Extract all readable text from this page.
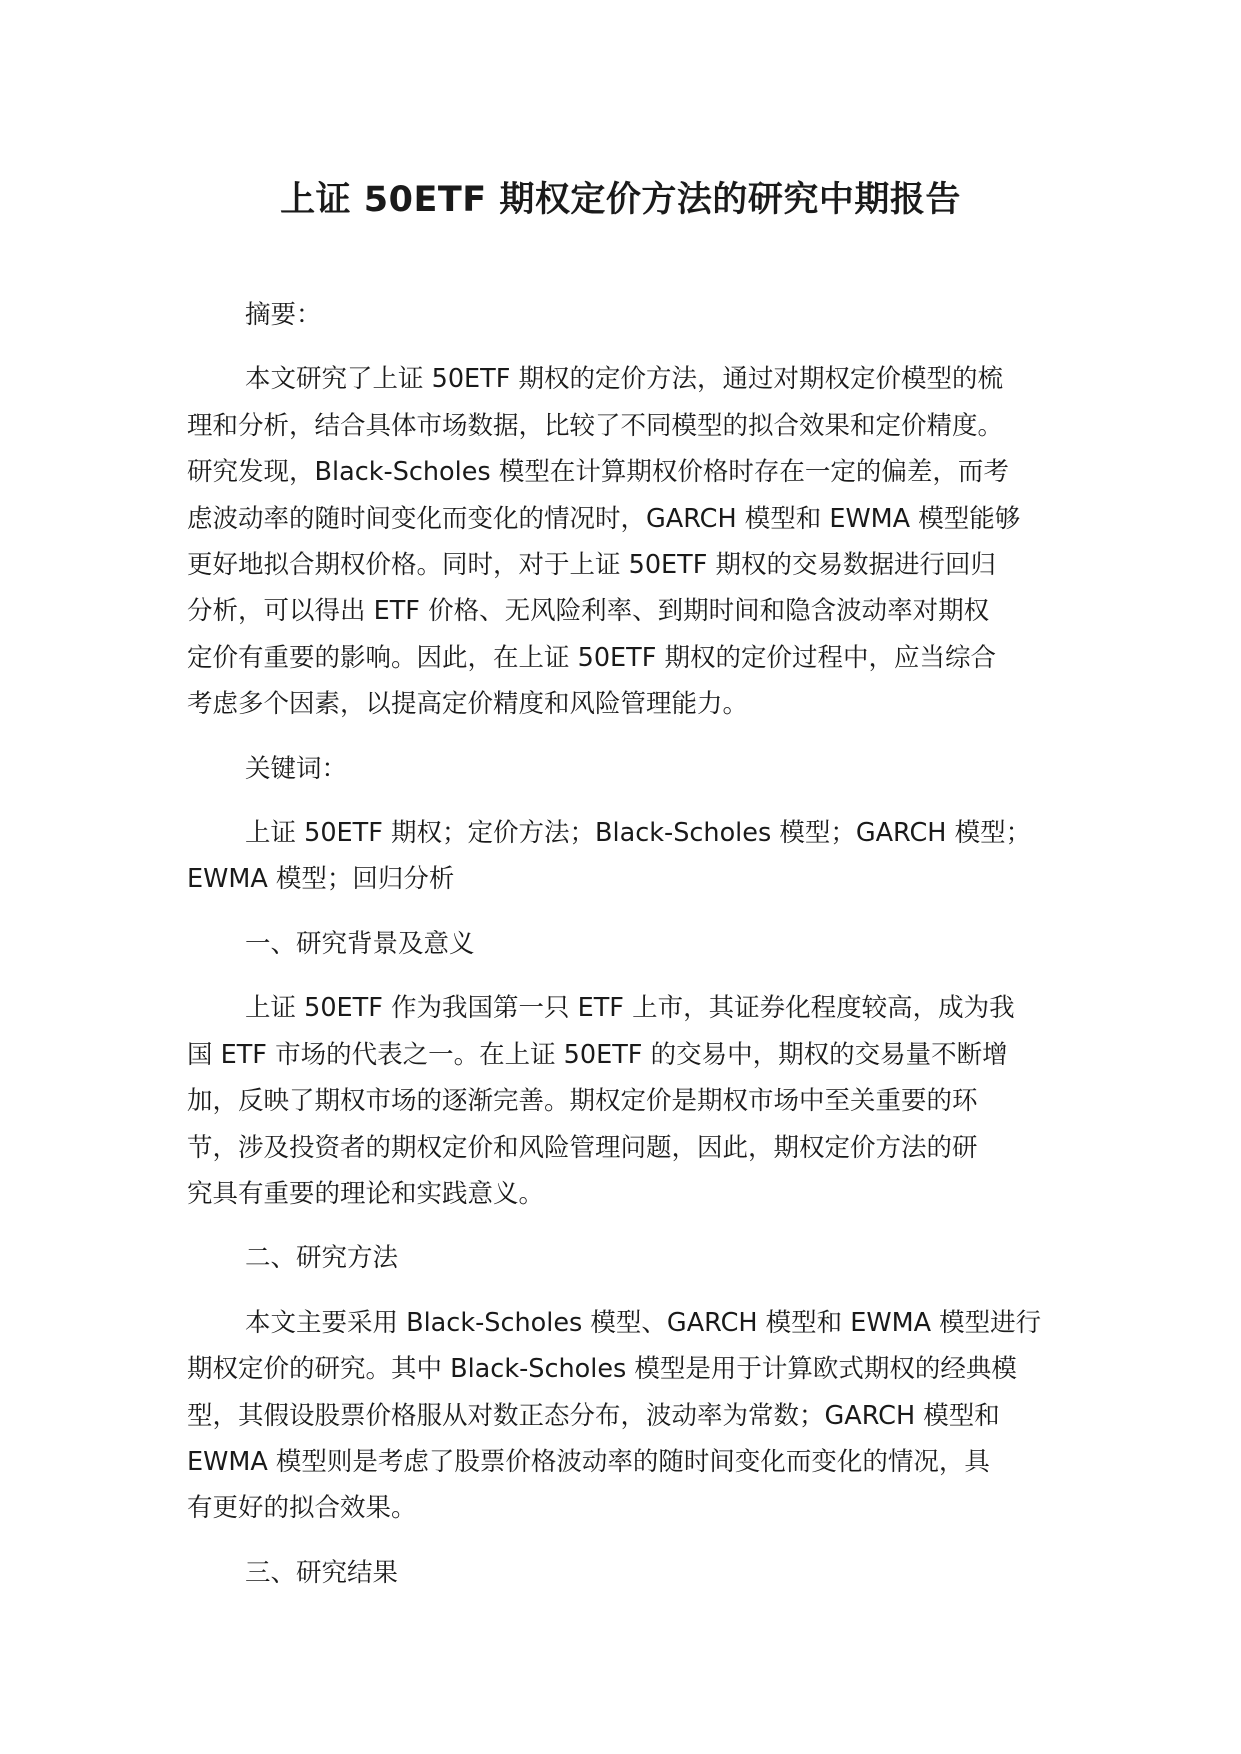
上证 50ETF 期权定价方法的研究中期报告
摘要：
本文研究了上证 50ETF 期权的定价方法，通过对期权定价模型的梳
理和分析，结合具体市场数据，比较了不同模型的拟合效果和定价精度。
研究发现，Black-Scholes 模型在计算期权价格时存在一定的偏差，而考
虑波动率的随时间变化而变化的情况时，GARCH 模型和 EWMA 模型能够
更好地拟合期权价格。同时，对于上证 50ETF 期权的交易数据进行回归
分析，可以得出 ETF 价格、无风险利率、到期时间和隐含波动率对期权
定价有重要的影响。因此，在上证 50ETF 期权的定价过程中，应当综合
考虑多个因素，以提高定价精度和风险管理能力。
关键词：
上证 50ETF 期权；定价方法；Black-Scholes 模型；GARCH 模型；
EWMA 模型；回归分析
一、研究背景及意义
上证 50ETF 作为我国第一只 ETF 上市，其证券化程度较高，成为我
国 ETF 市场的代表之一。在上证 50ETF 的交易中，期权的交易量不断增
加，反映了期权市场的逐渐完善。期权定价是期权市场中至关重要的环
节，涉及投资者的期权定价和风险管理问题，因此，期权定价方法的研
究具有重要的理论和实践意义。
二、研究方法
本文主要采用 Black-Scholes 模型、GARCH 模型和 EWMA 模型进行
期权定价的研究。其中 Black-Scholes 模型是用于计算欧式期权的经典模
型，其假设股票价格服从对数正态分布，波动率为常数；GARCH 模型和
EWMA 模型则是考虑了股票价格波动率的随时间变化而变化的情况，具
有更好的拟合效果。
三、研究结果
